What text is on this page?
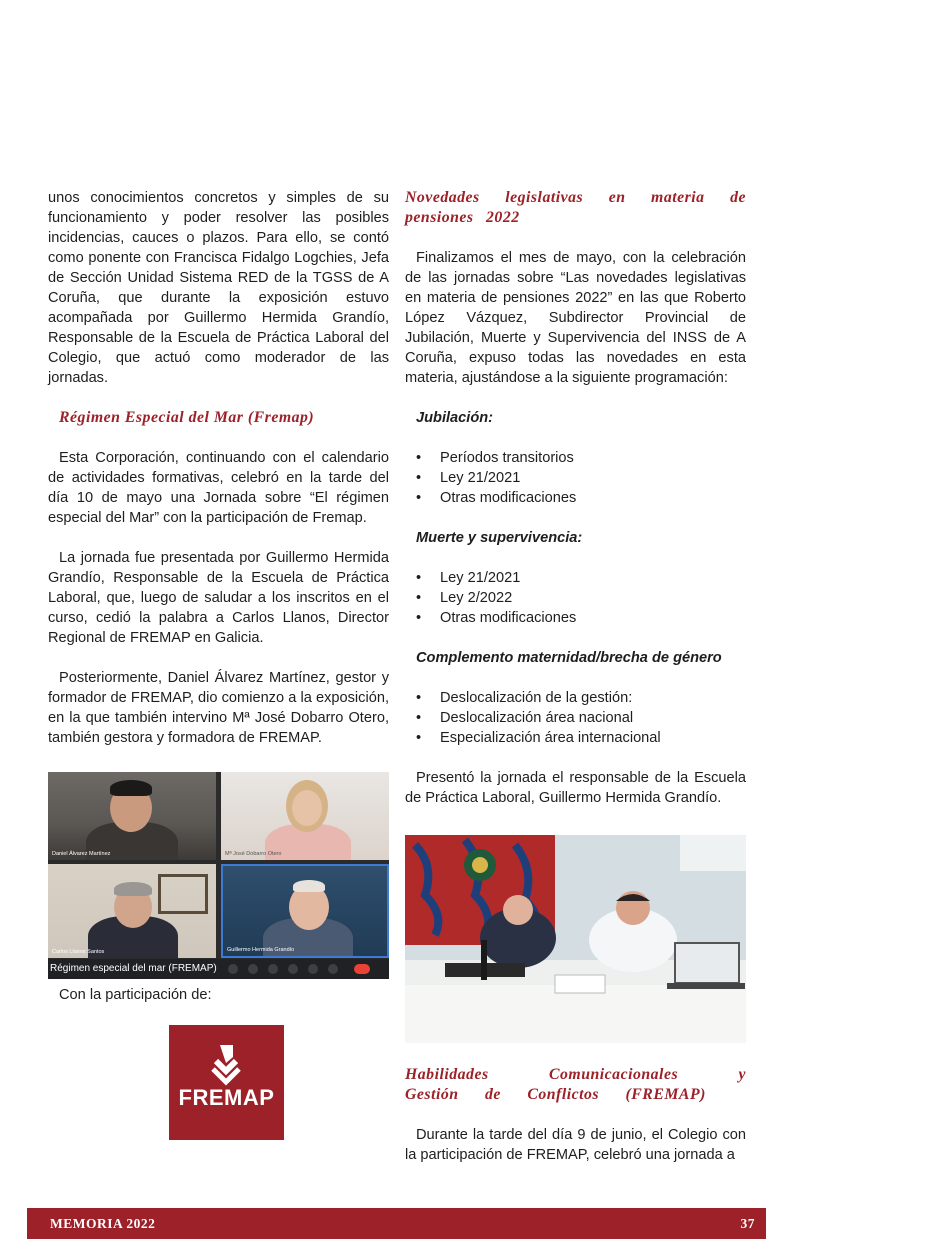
unos conocimientos concretos y simples de su funcionamiento y poder resolver las posibles incidencias, cauces o plazos. Para ello, se contó como ponente con Francisca Fidalgo Logchies, Jefa de Sección Unidad Sistema RED de la TGSS de A Coruña, que durante la exposición estuvo acompañada por Guillermo Hermida Grandío, Responsable de la Escuela de Práctica Laboral del Colegio, que actuó como moderador de las jornadas.

Régimen Especial del Mar (Fremap)

Esta Corporación, continuando con el calendario de actividades formativas, celebró en la tarde del día 10 de mayo una Jornada sobre “El régimen especial del Mar” con la participación de Fremap.

La jornada fue presentada por Guillermo Hermida Grandío, Responsable de la Escuela de Práctica Laboral, que, luego de saludar a los inscritos en el curso, cedió la palabra a Carlos Llanos, Director Regional de FREMAP en Galicia.

Posteriormente, Daniel Álvarez Martínez, gestor y formador de FREMAP, dio comienzo a la exposición, en la que también intervino Mª José Dobarro Otero, también gestora y formadora de FREMAP.

Daniel Álvarez Martínez	Mª José Dobarro Otero
Carlos Llanos Santos	Guillermo Hermida Grandío
Régimen especial del mar (FREMAP)
Con la participación de:
FREMAP
Novedades legislativas en materia de pensiones 2022

Finalizamos el mes de mayo, con la celebración de las jornadas sobre “Las novedades legislativas en materia de pensiones 2022” en las que Roberto López Vázquez, Subdirector Provincial de Jubilación, Muerte y Supervivencia del INSS de A Coruña, expuso todas las novedades en esta materia, ajustándose a la siguiente programación:

Jubilación:
• Períodos transitorios
• Ley 21/2021
• Otras modificaciones
Muerte y supervivencia:
• Ley 21/2021
• Ley 2/2022
• Otras modificaciones
Complemento maternidad/brecha de género
• Deslocalización de la gestión:
• Deslocalización área nacional
• Especialización área internacional

Presentó la jornada el responsable de la Escuela de Práctica Laboral, Guillermo Hermida Grandío.

Habilidades Comunicacionales y Gestión de Conflictos (FREMAP)

Durante la tarde del día 9 de junio, el Colegio con la participación de FREMAP, celebró una jornada a

MEMORIA 2022	37
